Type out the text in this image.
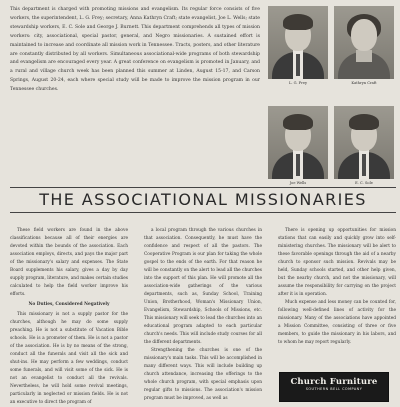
This department is charged with promoting missions and evangelism. Its regular force consists of five workers, the superintendent, L. G. Frey; secretary, Anna Kathryn Craft; state evangelist, Joe L. Wells; state stewardship workers, E. C. Sole and George J. Burnett. This department comprehends all types of mission workers: city, associational, special pastor, general, and Negro missionaries. A sustained effort is maintained to increase and coordinate all mission work in Tennessee. Tracts, posters, and other literature are constantly distributed by all workers. Simultaneous associational-wide programs of both stewardship and evangelism are encouraged every year. A great conference on evangelism is promoted in January, and a rural and village church week has been planned this summer at Linden, August 15-17, and Carson Springs, August 20-24, each where special study will be made to improve the mission program in our Tennessee churches.

L. G. Frey	Kathryn Craft
Joe Wells	E. C. Sole
THE ASSOCIATIONAL MISSIONARIES

These field workers are found in the above classifications because all of their energies are devoted within the bounds of the association. Each association employs, directs, and pays the major part of the missionary's salary and expenses. The State Board supplements his salary, gives a day by day supply program, literature, and makes certain studies calculated to help the field worker improve his efforts.

No Duties, Considered Negatively

This missionary is not a supply pastor for the churches, although he may do some supply preaching. He is not a substitute of Vacation Bible schools. He is a promoter of them. He is not a pastor of the association. He is by no means of the strong, conduct all the funerals and visit all the sick and shut-ins. He may perform a few weddings, conduct some funerals, and will visit some of the sick. He is not an evangelist to conduct all the revivals. Nevertheless, he will hold some revival meetings, particularly in neglected or mission fields. He is not an executive to direct the program of

a local program through the various churches in that association. Consequently, he must have the confidence and respect of all the pastors. The Cooperative Program is our plan for taking the whole gospel to the ends of the earth. For that reason he will be constantly on the alert to lead all the churches into the support of this plan. He will promote all the association-wide gatherings of the various departments, such as, Sunday School, Training Union, Brotherhood, Woman's Missionary Union, Evangelism, Stewardship, Schools of Missions, etc. This missionary will seek to lead the churches into an educational program adapted to each particular church's needs. This will include study courses for all the different departments.

Strengthening the churches is one of the missionary's main tasks. This will be accomplished in many different ways. This will include building up church attendance, increasing the offerings to the whole church program, with special emphasis upon regular gifts to missions. The association's mission program must be improved, as well as

There is opening up opportunities for mission stations that can easily and quickly grow into self-ministering churches. The missionary will be alert to these favorable openings through the aid of a nearby church to sponsor such mission. Revivals may be held, Sunday schools started, and other help given, but the nearby church, and not the missionary, will assume the responsibility for carrying on the project after it is in operation.

Much expense and less money can be counted for, following well-defined lines of activity for the missionary. Many of the associations have appointed a Mission Committee, consisting of three or five members, to guide the missionary in his labors, and to whom he may report regularly.

Church Furniture
SOUTHERN BELL COMPANY
